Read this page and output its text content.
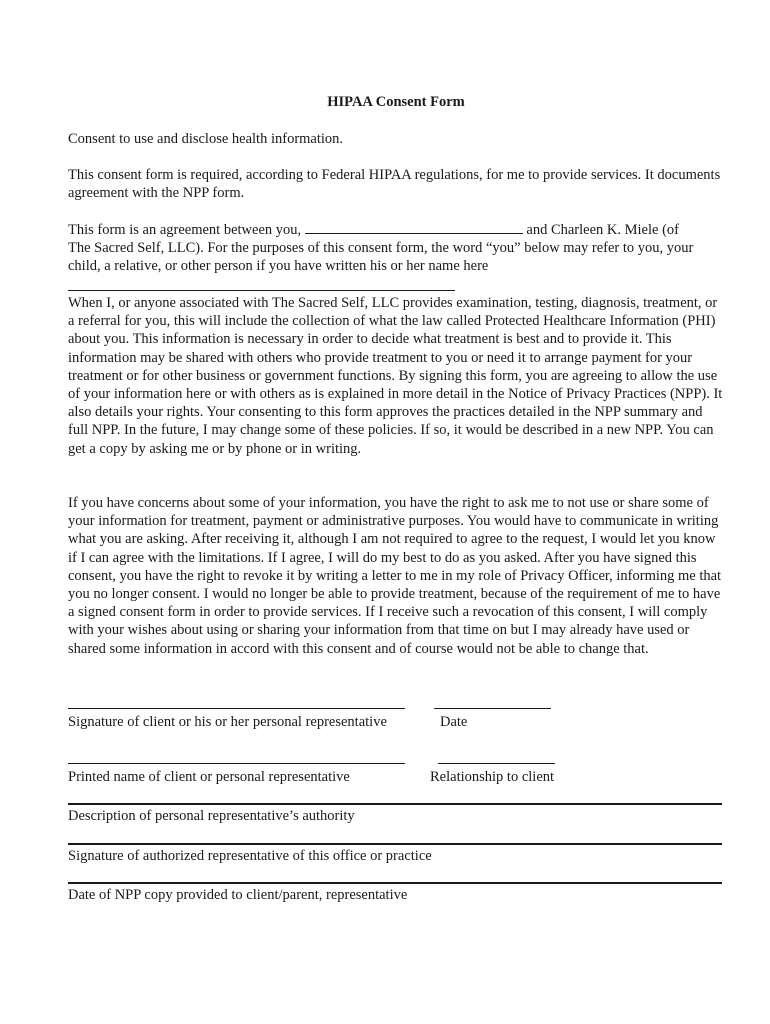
HIPAA Consent Form

Consent to use and disclose health information.

This consent form is required, according to Federal HIPAA regulations, for me to provide services. It documents agreement with the NPP form.

This form is an agreement between you,	and Charleen K. Miele (of

The Sacred Self, LLC). For the purposes of this consent form, the word “you” below may refer to you, your child, a relative, or other person if you have written his or her name here

When I, or anyone associated with The Sacred Self, LLC provides examination, testing, diagnosis, treatment, or a referral for you, this will include the collection of what the law called Protected Healthcare Information (PHI) about you. This information is necessary in order to decide what treatment is best and to provide it. This information may be shared with others who provide treatment to you or need it to arrange payment for your treatment or for other business or government functions. By signing this form, you are agreeing to allow the use of your information here or with others as is explained in more detail in the Notice of Privacy Practices (NPP). It also details your rights. Your consenting to this form approves the practices detailed in the NPP summary and full NPP. In the future, I may change some of these policies. If so, it would be described in a new NPP. You can get a copy by asking me or by phone or in writing.

If you have concerns about some of your information, you have the right to ask me to not use or share some of your information for treatment, payment or administrative purposes. You would have to communicate in writing what you are asking. After receiving it, although I am not required to agree to the request, I would let you know if I can agree with the limitations. If I agree, I will do my best to do as you asked. After you have signed this consent, you have the right to revoke it by writing a letter to me in my role of Privacy Officer, informing me that you no longer consent. I would no longer be able to provide treatment, because of the requirement of me to have a signed consent form in order to provide services. If I receive such a revocation of this consent, I will comply with your wishes about using or sharing your information from that time on but I may already have used or shared some information in accord with this consent and of course would not be able to change that.

Signature of client or his or her personal representative	Date
Printed name of client or personal representative	Relationship to client
Description of personal representative’s authority
Signature of authorized representative of this office or practice
Date of NPP copy provided to client/parent, representative
